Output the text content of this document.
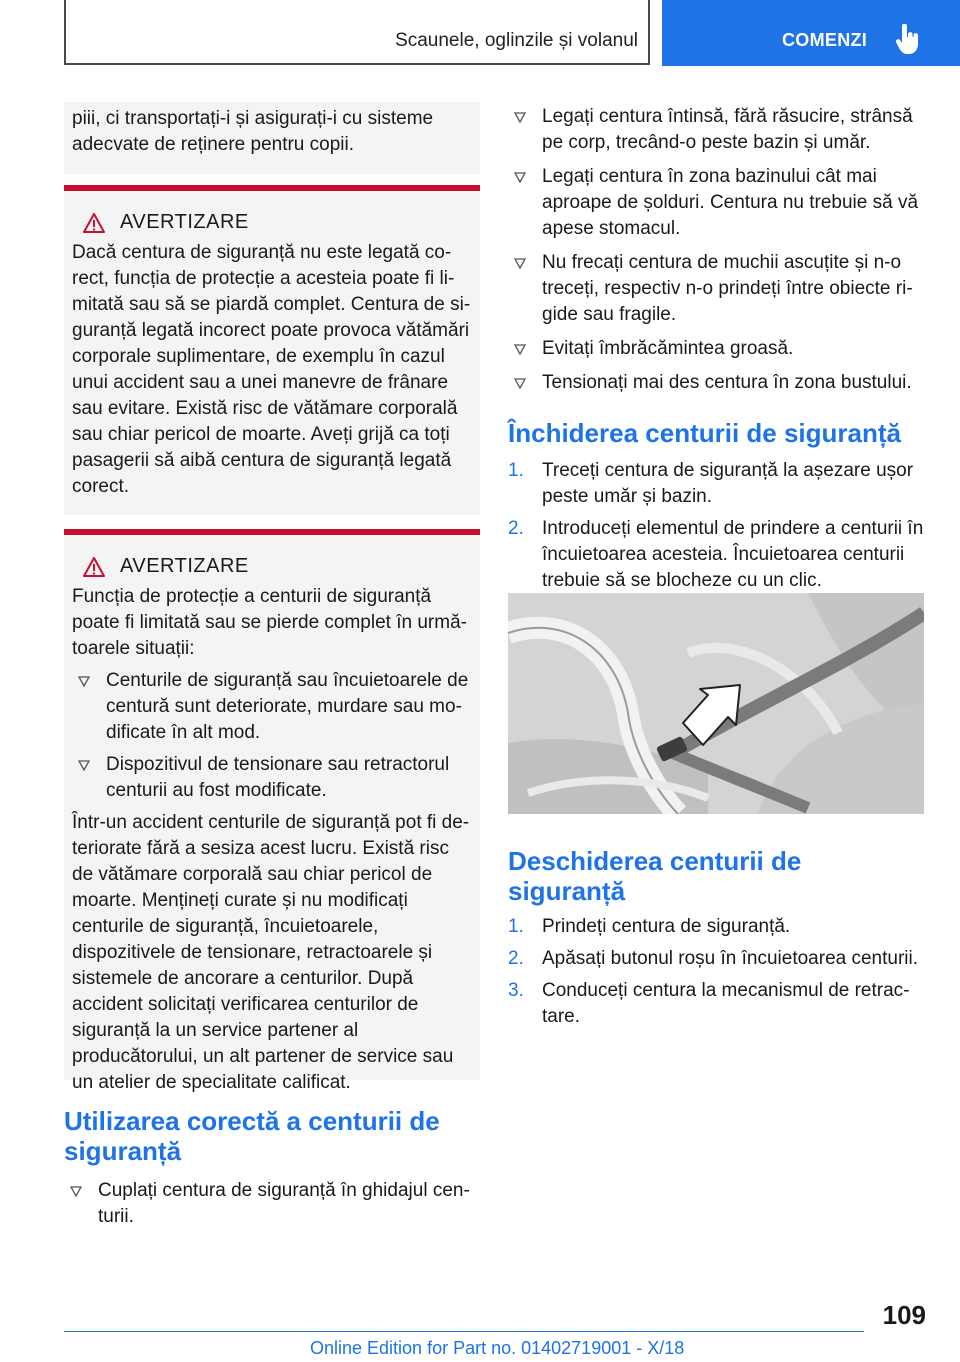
Scaunele, oglinzile și volanul	COMENZI

piii, ci transportați-i și asigurați-i cu sisteme adecvate de reținere pentru copii.

AVERTIZARE

Dacă centura de siguranță nu este legată corect, funcția de protecție a acesteia poate fi limitată sau să se piardă complet. Centura de siguranță legată incorect poate provoca vătămări corporale suplimentare, de exemplu în cazul unui accident sau a unei manevre de frânare sau evitare. Există risc de vătămare corporală sau chiar pericol de moarte. Aveți grijă ca toți pasagerii să aibă centura de siguranță legată corect.

AVERTIZARE

Funcția de protecție a centurii de siguranță poate fi limitată sau se pierde complet în următoarele situații:

Centurile de siguranță sau încuietoarele de centură sunt deteriorate, murdare sau modificate în alt mod.
Dispozitivul de tensionare sau retractorul centurii au fost modificate.

Într-un accident centurile de siguranță pot fi deteriorate fără a sesiza acest lucru. Există risc de vătămare corporală sau chiar pericol de moarte. Mențineți curate și nu modificați centurile de siguranță, încuietoarele, dispozitivele de tensionare, retractoarele și sistemele de ancorare a centurilor. După accident solicitați verificarea centurilor de siguranță la un service partener al producătorului, un alt partener de service sau un atelier de specialitate calificat.

Utilizarea corectă a centurii de siguranță
Cuplați centura de siguranță în ghidajul centurii.
Legați centura întinsă, fără răsucire, strânsă pe corp, trecând-o peste bazin și umăr.
Legați centura în zona bazinului cât mai aproape de șolduri. Centura nu trebuie să vă apese stomacul.
Nu frecați centura de muchii ascuțite și n-o treceți, respectiv n-o prindeți între obiecte rigide sau fragile.
Evitați îmbrăcămintea groasă.
Tensionați mai des centura în zona bustului.
Închiderea centurii de siguranță
1. Treceți centura de siguranță la așezare ușor peste umăr și bazin.
2. Introduceți elementul de prindere a centurii în încuietoarea acesteia. Încuietoarea centurii trebuie să se blocheze cu un clic.
Deschiderea centurii de siguranță
1. Prindeți centura de siguranță.
2. Apăsați butonul roșu în încuietoarea centurii.
3. Conduceți centura la mecanismul de retractare.
109
Online Edition for Part no. 01402719001 - X/18
